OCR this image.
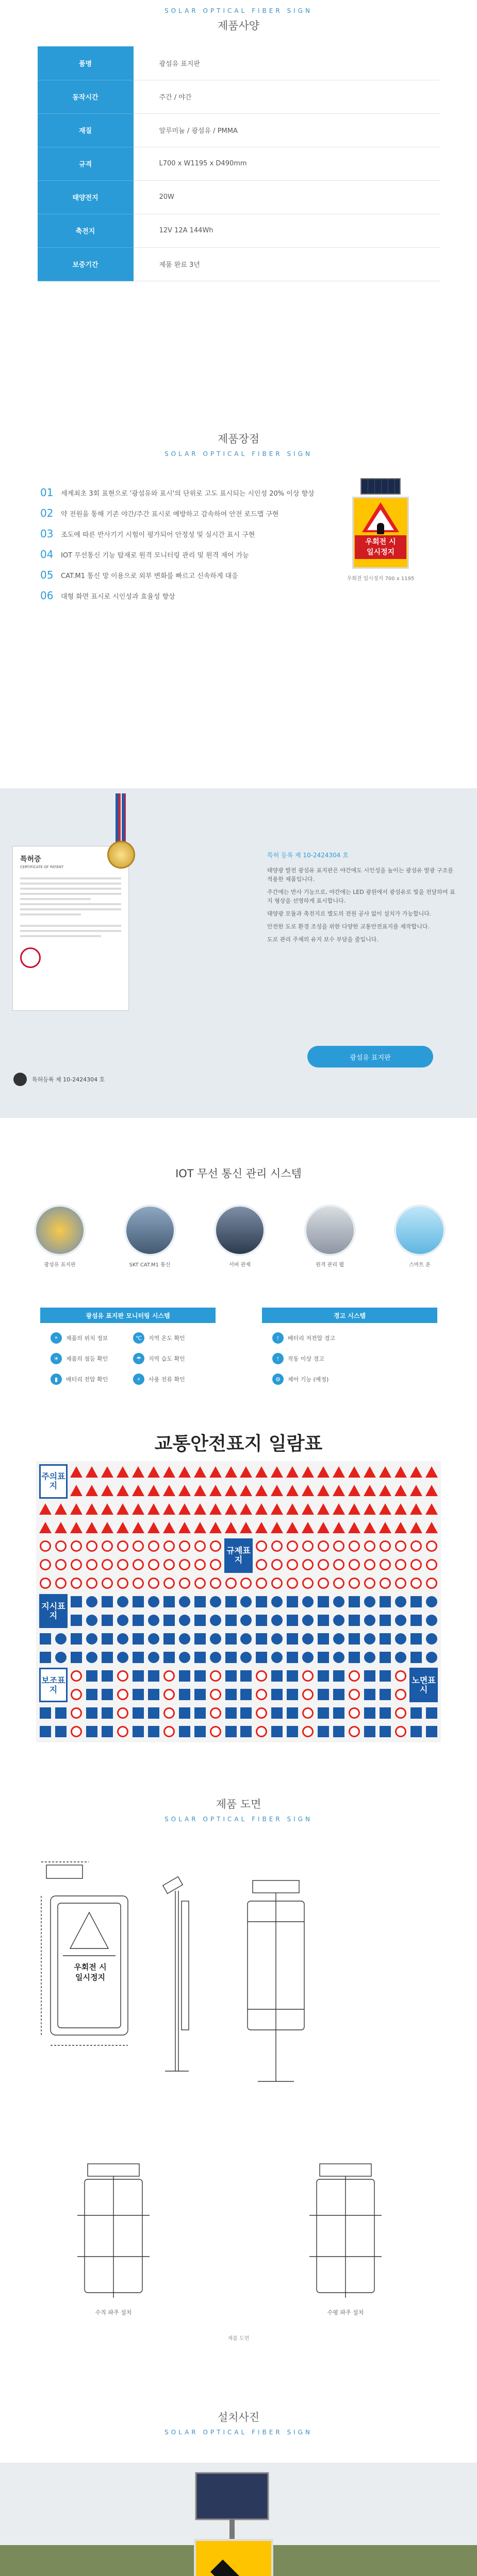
SOLAR OPTICAL FIBER SIGN
제품사양
품명	광섬유 표지판
동작시간	주간 / 야간
재질	알루미늄 / 광섬유 / PMMA
규격	L700 x W1195 x D490mm
태양전지	20W
축전지	12V 12A 144Wh
보증기간	제품 완료 3년
제품장점
SOLAR OPTICAL FIBER SIGN
01	세계최초 3회 표현으로 '광섬유와 표시'의 단위로 고도 표시되는 시인성 20% 이상 향상
02	약 전원을 통해 기존 야간/주간 표시로 예방하고 감속하여 안전 로드맵 구현
03	조도에 따른 반사기기 시험이 평가되어 안정성 및 실시간 표시 구현
04	IOT 무선통신 기능 탑재로 원격 모니터링 관리 및 원격 제어 가능
05	CAT.M1 통신 망 이용으로 외부 변화를 빠르고 신속하게 대응
06	대형 화면 표시로 시인성과 효율성 향상
우회전 시
일시정지
우회전 일시정지 700 x 1195
특허증
CERTIFICATE OF PATENT
특허 등록 제 10-2424304 호

태양광 발전 광섬유 표지판은 야간에도 시인성을 높이는 광섬유 발광 구조를 적용한 제품입니다.

주간에는 반사 기능으로, 야간에는 LED 광원에서 광섬유로 빛을 전달하여 표지 형상을 선명하게 표시합니다.

태양광 모듈과 축전지로 별도의 전원 공사 없이 설치가 가능합니다.

안전한 도로 환경 조성을 위한 다양한 교통안전표지를 제작합니다.

도로 관리 주체의 유지 보수 부담을 줄입니다.

광섬유 표지판
특허등록 제 10-2424304 호
IOT 무선 통신 관리 시스템
광섬유 표지판	SKT CAT.M1 통신	서버 관제	원격 관리 웹	스마트 폰
광섬유 표지판 모니터링 시스템
⌖	제품의 위치 정보	℃	지역 온도 확인
☀	제품의 점등 확인	☂	지역 습도 확인
▮	배터리 전압 확인	⚡	사용 전류 확인
경고 시스템
!	배터리 저전압 경고
!	작동 이상 경고
⚙	제어 기능 (예정)
교통안전표지 일람표
주의표지
규제표지
지시표지
보조표지
노면표시
제품 도면
SOLAR OPTICAL FIBER SIGN
우회전 시
일시정지
수직 파주 설치	수평 파주 설치
제품 도면
설치사진
SOLAR OPTICAL FIBER SIGN
